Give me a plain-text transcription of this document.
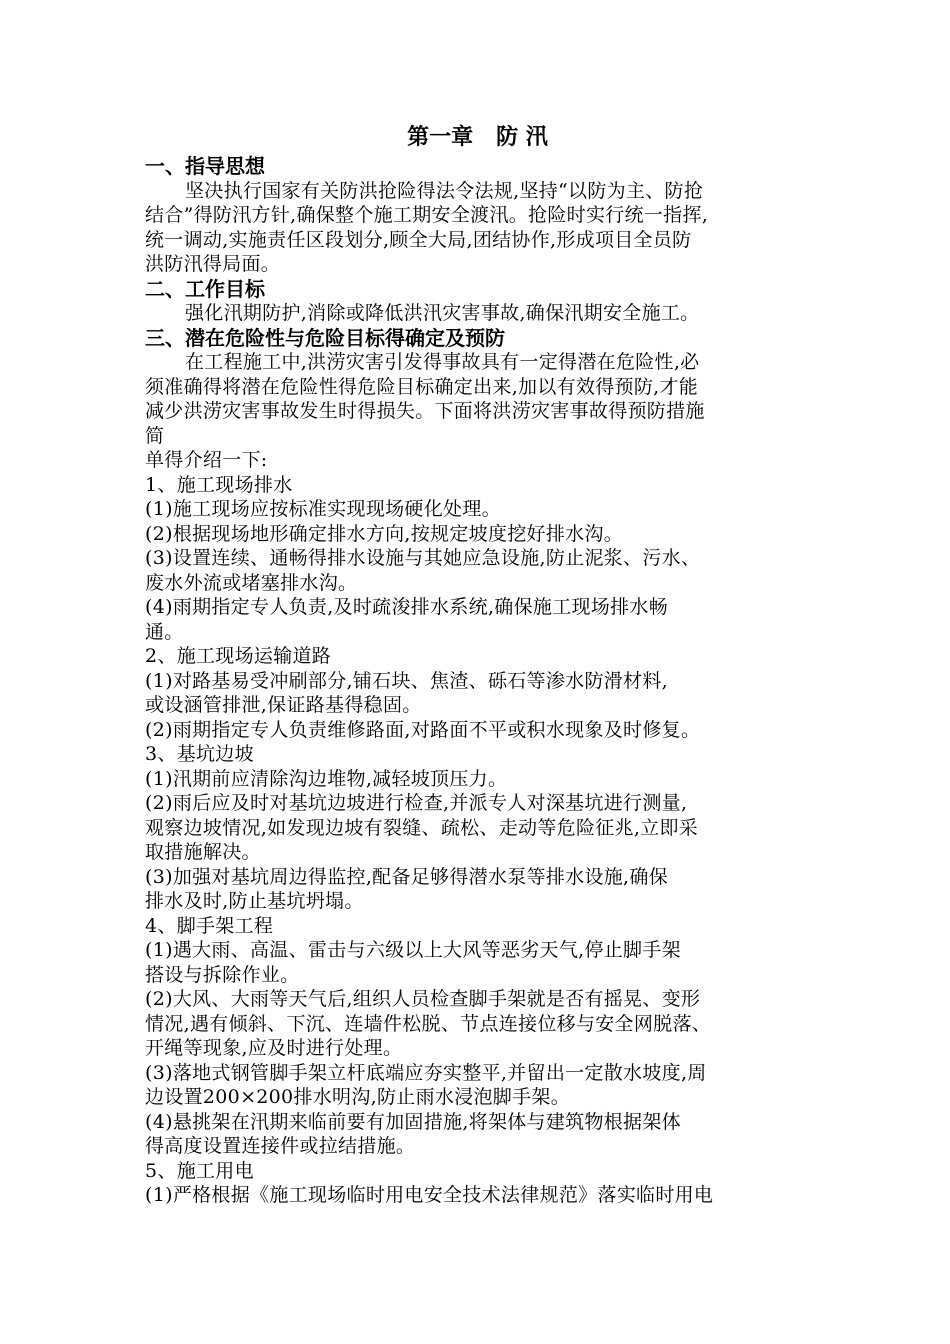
第一章   防 汛
一、指导思想
坚决执行国家有关防洪抢险得法令法规,坚持“以防为主、防抢
结合”得防汛方针,确保整个施工期安全渡汛。抢险时实行统一指挥,
统一调动,实施责任区段划分,顾全大局,团结协作,形成项目全员防
洪防汛得局面。
二、工作目标
强化汛期防护,消除或降低洪汛灾害事故,确保汛期安全施工。
三、潜在危险性与危险目标得确定及预防
在工程施工中,洪涝灾害引发得事故具有一定得潜在危险性,必
须准确得将潜在危险性得危险目标确定出来,加以有效得预防,才能
减少洪涝灾害事故发生时得损失。下面将洪涝灾害事故得预防措施
简
单得介绍一下:
1、施工现场排水
(1)施工现场应按标准实现现场硬化处理。
(2)根据现场地形确定排水方向,按规定坡度挖好排水沟。
(3)设置连续、通畅得排水设施与其她应急设施,防止泥浆、污水、
废水外流或堵塞排水沟。
(4)雨期指定专人负责,及时疏浚排水系统,确保施工现场排水畅
通。
2、施工现场运输道路
(1)对路基易受冲刷部分,铺石块、焦渣、砾石等渗水防滑材料,
或设涵管排泄,保证路基得稳固。
(2)雨期指定专人负责维修路面,对路面不平或积水现象及时修复。
3、基坑边坡
(1)汛期前应清除沟边堆物,减轻坡顶压力。
(2)雨后应及时对基坑边坡进行检查,并派专人对深基坑进行测量,
观察边坡情况,如发现边坡有裂缝、疏松、走动等危险征兆,立即采
取措施解决。
(3)加强对基坑周边得监控,配备足够得潜水泵等排水设施,确保
排水及时,防止基坑坍塌。
4、脚手架工程
(1)遇大雨、高温、雷击与六级以上大风等恶劣天气,停止脚手架
搭设与拆除作业。
(2)大风、大雨等天气后,组织人员检查脚手架就是否有摇晃、变形
情况,遇有倾斜、下沉、连墙件松脱、节点连接位移与安全网脱落、
开绳等现象,应及时进行处理。
(3)落地式钢管脚手架立杆底端应夯实整平,并留出一定散水坡度,周
边设置200×200排水明沟,防止雨水浸泡脚手架。
(4)悬挑架在汛期来临前要有加固措施,将架体与建筑物根据架体
得高度设置连接件或拉结措施。
5、施工用电
(1)严格根据《施工现场临时用电安全技术法律规范》落实临时用电
